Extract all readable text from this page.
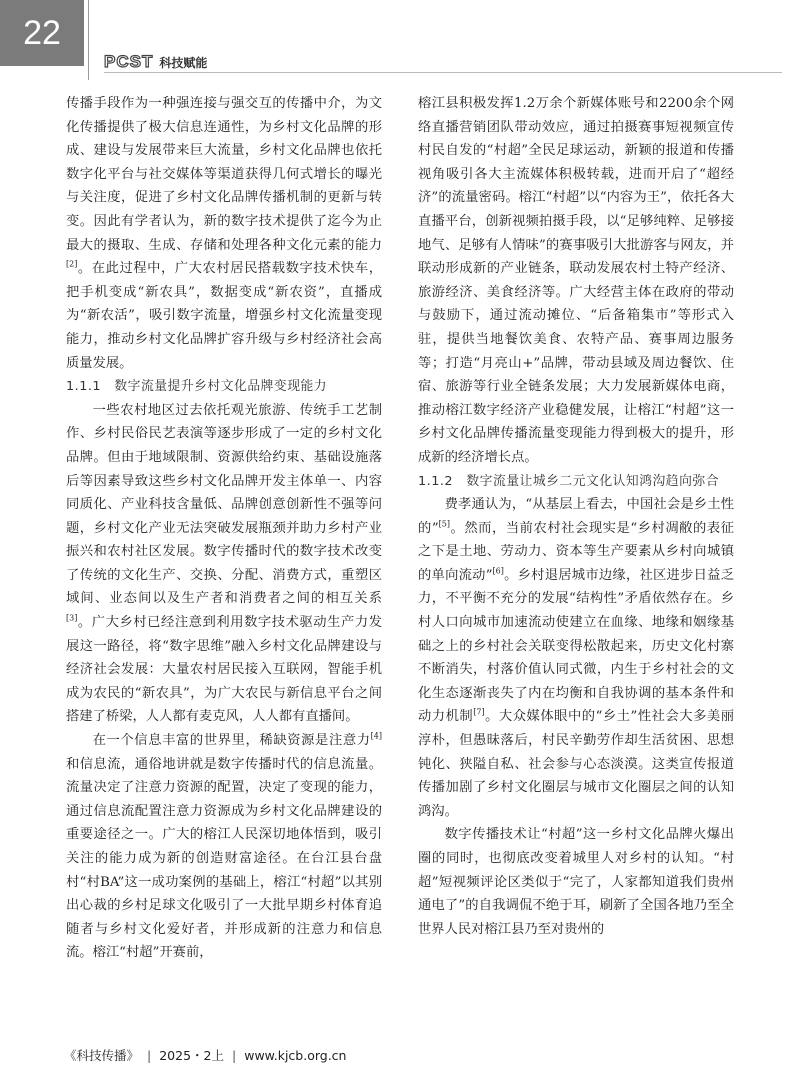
22
PCST 科技赋能

传播手段作为一种强连接与强交互的传播中介，为文化传播提供了极大信息连通性，为乡村文化品牌的形成、建设与发展带来巨大流量，乡村文化品牌也依托数字化平台与社交媒体等渠道获得几何式增长的曝光与关注度，促进了乡村文化品牌传播机制的更新与转变。因此有学者认为，新的数字技术提供了迄今为止最大的摄取、生成、存储和处理各种文化元素的能力[2]。在此过程中，广大农村居民搭载数字技术快车，把手机变成“新农具”，数据变成“新农资”，直播成为“新农活”，吸引数字流量，增强乡村文化流量变现能力，推动乡村文化品牌扩容升级与乡村经济社会高质量发展。

1.1.1　数字流量提升乡村文化品牌变现能力

一些农村地区过去依托观光旅游、传统手工艺制作、乡村民俗民艺表演等逐步形成了一定的乡村文化品牌。但由于地域限制、资源供给约束、基础设施落后等因素导致这些乡村文化品牌开发主体单一、内容同质化、产业科技含量低、品牌创意创新性不强等问题，乡村文化产业无法突破发展瓶颈并助力乡村产业振兴和农村社区发展。数字传播时代的数字技术改变了传统的文化生产、交换、分配、消费方式，重塑区域间、业态间以及生产者和消费者之间的相互关系[3]。广大乡村已经注意到利用数字技术驱动生产力发展这一路径，将“数字思维”融入乡村文化品牌建设与经济社会发展：大量农村居民接入互联网，智能手机成为农民的“新农具”，为广大农民与新信息平台之间搭建了桥梁，人人都有麦克风，人人都有直播间。

在一个信息丰富的世界里，稀缺资源是注意力[4]和信息流，通俗地讲就是数字传播时代的信息流量。流量决定了注意力资源的配置，决定了变现的能力，通过信息流配置注意力资源成为乡村文化品牌建设的重要途径之一。广大的榕江人民深切地体悟到，吸引关注的能力成为新的创造财富途径。在台江县台盘村“村BA”这一成功案例的基础上，榕江“村超”以其别出心裁的乡村足球文化吸引了一大批早期乡村体育追随者与乡村文化爱好者，并形成新的注意力和信息流。榕江“村超”开赛前，

榕江县积极发挥1.2万余个新媒体账号和2200余个网络直播营销团队带动效应，通过拍摄赛事短视频宣传村民自发的“村超”全民足球运动，新颖的报道和传播视角吸引各大主流媒体积极转载，进而开启了“超经济”的流量密码。榕江“村超”以“内容为王”，依托各大直播平台，创新视频拍摄手段，以“足够纯粹、足够接地气、足够有人情味”的赛事吸引大批游客与网友，并联动形成新的产业链条，联动发展农村土特产经济、旅游经济、美食经济等。广大经营主体在政府的带动与鼓励下，通过流动摊位、“后备箱集市”等形式入驻，提供当地餐饮美食、农特产品、赛事周边服务等；打造“月亮山+”品牌，带动县域及周边餐饮、住宿、旅游等行业全链条发展；大力发展新媒体电商，推动榕江数字经济产业稳健发展，让榕江“村超”这一乡村文化品牌传播流量变现能力得到极大的提升，形成新的经济增长点。

1.1.2　数字流量让城乡二元文化认知鸿沟趋向弥合

费孝通认为，“从基层上看去，中国社会是乡土性的”[5]。然而，当前农村社会现实是“乡村凋敝的表征之下是土地、劳动力、资本等生产要素从乡村向城镇的单向流动”[6]。乡村退居城市边缘，社区进步日益乏力，不平衡不充分的发展“结构性”矛盾依然存在。乡村人口向城市加速流动使建立在血缘、地缘和姻缘基础之上的乡村社会关联变得松散起来，历史文化村寨不断消失，村落价值认同式微，内生于乡村社会的文化生态逐渐丧失了内在均衡和自我协调的基本条件和动力机制[7]。大众媒体眼中的“乡土”性社会大多美丽淳朴，但愚昧落后，村民辛勤劳作却生活贫困、思想钝化、狭隘自私、社会参与心态淡漠。这类宣传报道传播加剧了乡村文化圈层与城市文化圈层之间的认知鸿沟。

数字传播技术让“村超”这一乡村文化品牌火爆出圈的同时，也彻底改变着城里人对乡村的认知。“村超”短视频评论区类似于“完了，人家都知道我们贵州通电了”的自我调侃不绝于耳，刷新了全国各地乃至全世界人民对榕江县乃至对贵州的

《科技传播》 | 2025・2上 | www.kjcb.org.cn
